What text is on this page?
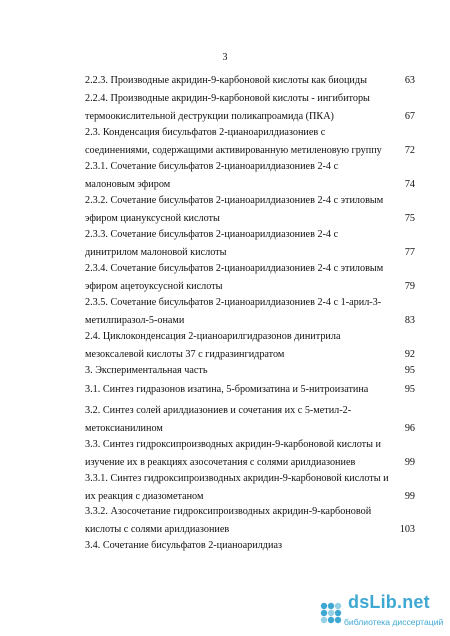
3
2.2.3. Производные акридин-9-карбоновой кислоты как биоциды	63
2.2.4. Производные акридин-9-карбоновой кислоты - ингибиторы
термоокислительной деструкции поликапроамида (ПКА)	67
2.3. Конденсация бисульфатов 2-цианоарилдиазониев с
соединениями, содержащими активированную метиленовую группу	72
2.3.1. Сочетание бисульфатов 2-цианоарилдиазониев 2-4 с
малоновым эфиром	74
2.3.2. Сочетание бисульфатов 2-цианоарилдиазониев 2-4 с этиловым
эфиром циануксусной кислоты	75
2.3.3. Сочетание бисульфатов 2-цианоарилдиазониев 2-4 с
динитрилом малоновой кислоты	77
2.3.4. Сочетание бисульфатов 2-цианоарилдиазониев 2-4 с этиловым
эфиром ацетоуксусной кислоты	79
2.3.5. Сочетание бисульфатов 2-цианоарилдиазониев 2-4 с 1-арил-3-
метилпиразол-5-онами	83
2.4. Циклоконденсация 2-цианоарилгидразонов динитрила
мезоксалевой кислоты 37 с гидразингидратом	92
3. Экспериментальная часть	95
3.1. Синтез гидразонов изатина, 5-бромизатина и 5-нитроизатина	95
3.2. Синтез солей арилдиазониев и сочетания их с 5-метил-2-
метоксианилином	96
3.3. Синтез гидроксипроизводных акридин-9-карбоновой кислоты и
изучение их в реакциях азосочетания с солями арилдиазониев	99
3.3.1. Синтез гидроксипроизводных акридин-9-карбоновой кислоты и
их реакция с диазометаном	99
3.3.2. Азосочетание гидроксипроизводных акридин-9-карбоновой
кислоты с солями арилдиазониев	103
3.4. Сочетание бисульфатов 2-цианоарилдиаз
dsLib.net
библиотека диссертаций
